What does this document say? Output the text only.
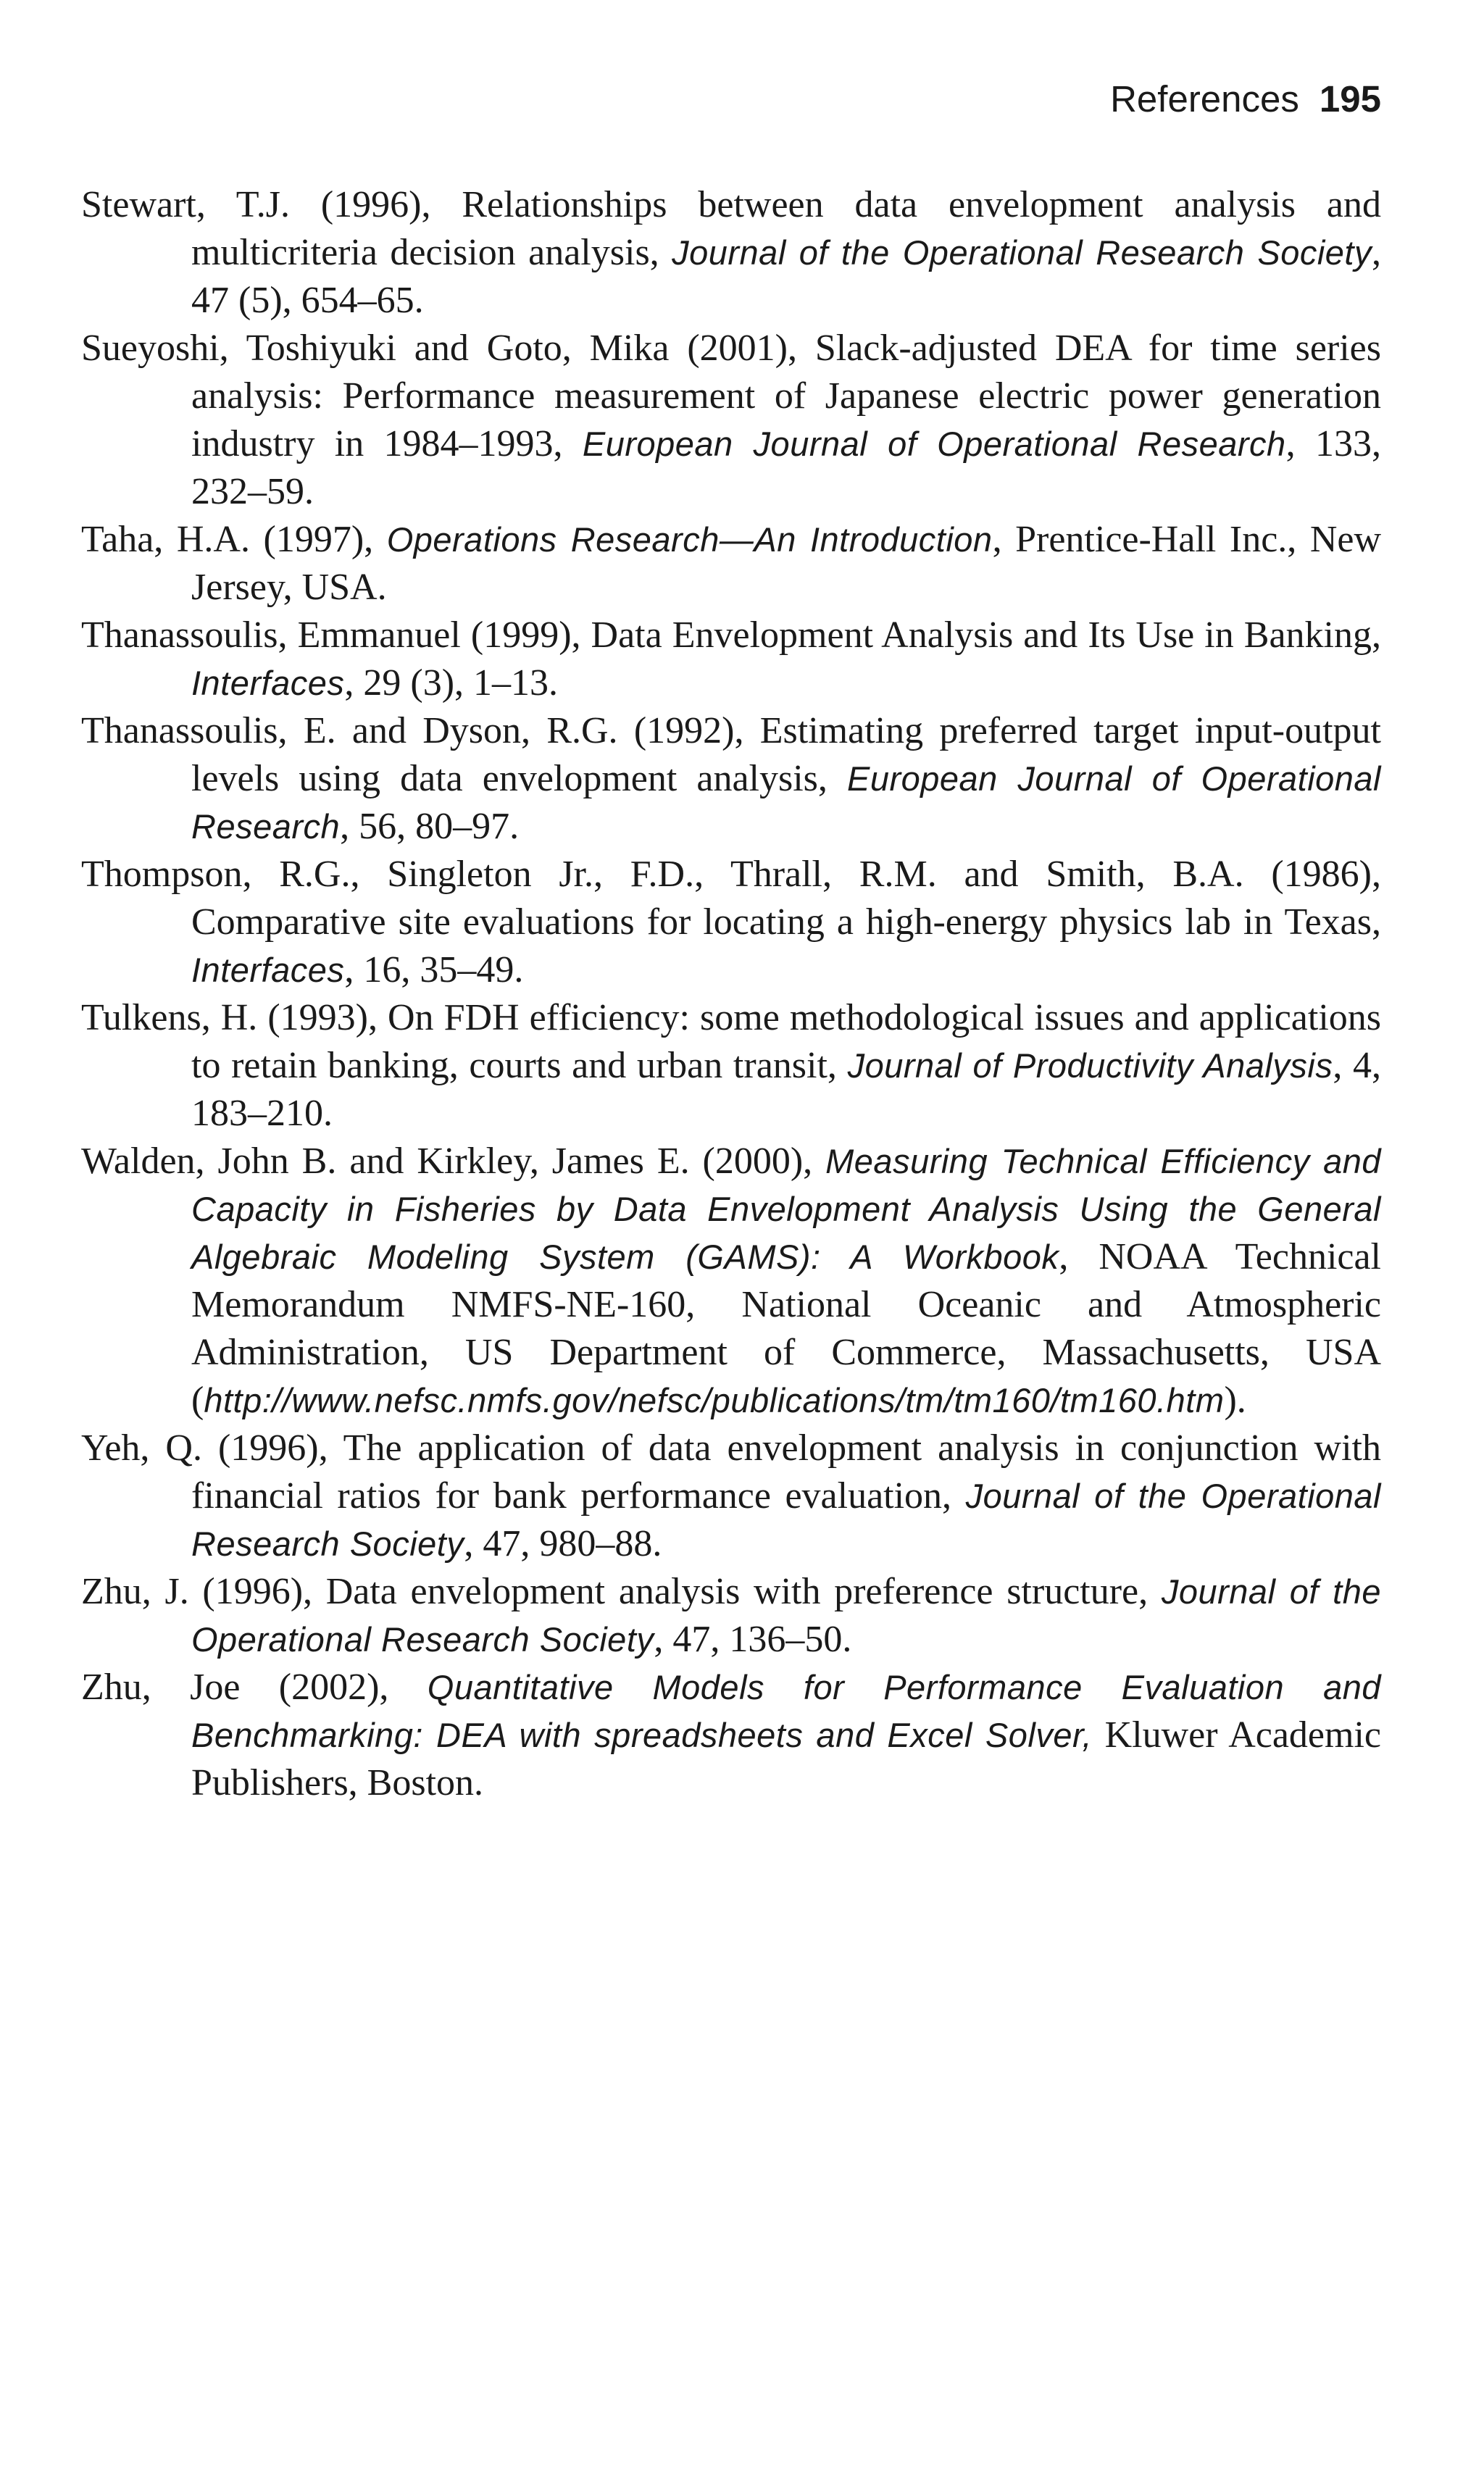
References 195

Stewart, T.J. (1996), Relationships between data envelopment analysis and multicriteria decision analysis, Journal of the Operational Research Society, 47 (5), 654–65.

Sueyoshi, Toshiyuki and Goto, Mika (2001), Slack-adjusted DEA for time series analysis: Performance measurement of Japanese electric power generation industry in 1984–1993, European Journal of Operational Research, 133, 232–59.

Taha, H.A. (1997), Operations Research—An Introduction, Prentice-Hall Inc., New Jersey, USA.

Thanassoulis, Emmanuel (1999), Data Envelopment Analysis and Its Use in Banking, Interfaces, 29 (3), 1–13.

Thanassoulis, E. and Dyson, R.G. (1992), Estimating preferred target input-output levels using data envelopment analysis, European Journal of Operational Research, 56, 80–97.

Thompson, R.G., Singleton Jr., F.D., Thrall, R.M. and Smith, B.A. (1986), Comparative site evaluations for locating a high-energy physics lab in Texas, Interfaces, 16, 35–49.

Tulkens, H. (1993), On FDH efficiency: some methodological issues and applications to retain banking, courts and urban transit, Journal of Productivity Analysis, 4, 183–210.

Walden, John B. and Kirkley, James E. (2000), Measuring Technical Efficiency and Capacity in Fisheries by Data Envelopment Analysis Using the General Algebraic Modeling System (GAMS): A Workbook, NOAA Technical Memorandum NMFS-NE-160, National Oceanic and Atmospheric Administration, US Department of Commerce, Massachusetts, USA (http://www.nefsc.nmfs.gov/nefsc/publications/tm/tm160/tm160.htm).

Yeh, Q. (1996), The application of data envelopment analysis in conjunction with financial ratios for bank performance evaluation, Journal of the Operational Research Society, 47, 980–88.

Zhu, J. (1996), Data envelopment analysis with preference structure, Journal of the Operational Research Society, 47, 136–50.

Zhu, Joe (2002), Quantitative Models for Performance Evaluation and Benchmarking: DEA with spreadsheets and Excel Solver, Kluwer Academic Publishers, Boston.
